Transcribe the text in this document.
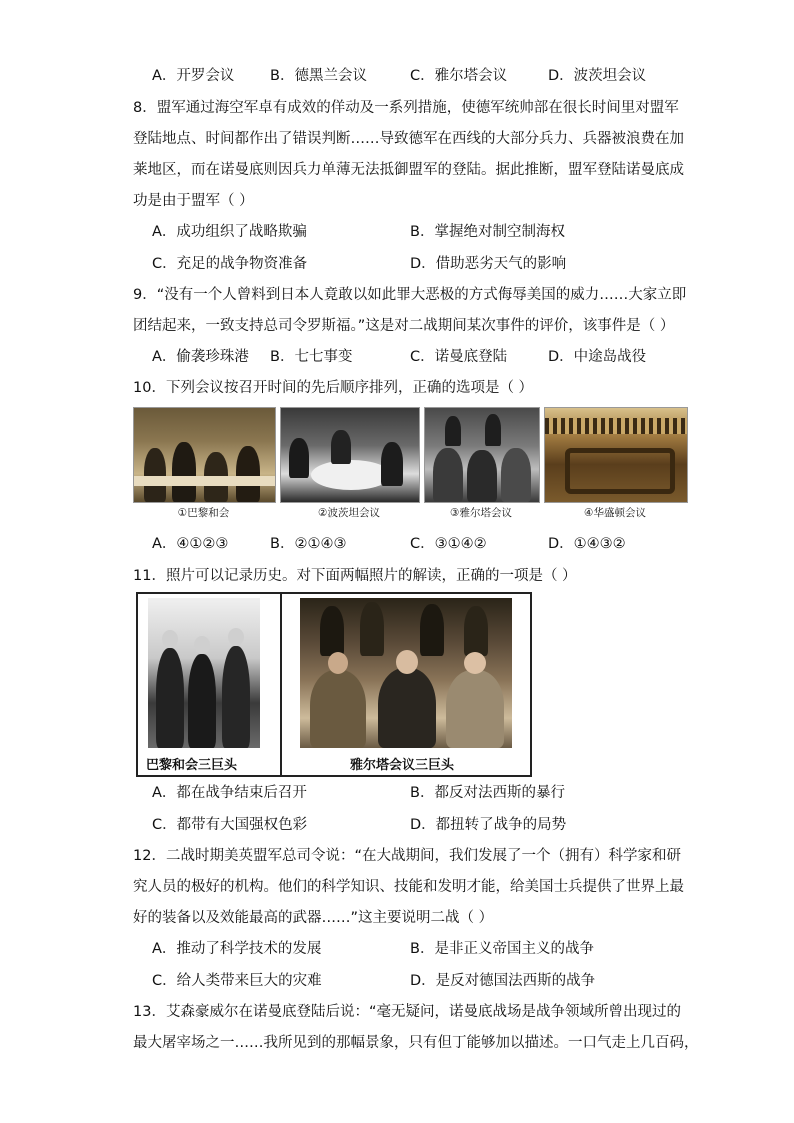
A．开罗会议 B．德黑兰会议	C．雅尔塔会议	D．波茨坦会议
8．盟军通过海空军卓有成效的佯动及一系列措施，使德军统帅部在很长时间里对盟军
登陆地点、时间都作出了错误判断……导致德军在西线的大部分兵力、兵器被浪费在加
莱地区，而在诺曼底则因兵力单薄无法抵御盟军的登陆。据此推断，盟军登陆诺曼底成
功是由于盟军（ ）
A．成功组织了战略欺骗	B．掌握绝对制空制海权
C．充足的战争物资准备	D．借助恶劣天气的影响
9．“没有一个人曾料到日本人竟敢以如此罪大恶极的方式侮辱美国的威力……大家立即
团结起来，一致支持总司令罗斯福。”这是对二战期间某次事件的评价，该事件是（ ）
A．偷袭珍珠港 B．七七事变	C．诺曼底登陆	D．中途岛战役
10．下列会议按召开时间的先后顺序排列，正确的选项是（ ）
①巴黎和会	②波茨坦会议	③雅尔塔会议	④华盛顿会议
A．④①②③	B．②①④③	C．③①④②	D．①④③②
11．照片可以记录历史。对下面两幅照片的解读，正确的一项是（ ）
巴黎和会三巨头	雅尔塔会议三巨头
A．都在战争结束后召开	B．都反对法西斯的暴行
C．都带有大国强权色彩	D．都扭转了战争的局势
12．二战时期美英盟军总司令说：“在大战期间，我们发展了一个（拥有）科学家和研
究人员的极好的机构。他们的科学知识、技能和发明才能，给美国士兵提供了世界上最
好的装备以及效能最高的武器……”这主要说明二战（ ）
A．推动了科学技术的发展	B．是非正义帝国主义的战争
C．给人类带来巨大的灾难	D．是反对德国法西斯的战争
13．艾森豪威尔在诺曼底登陆后说：“毫无疑问，诺曼底战场是战争领域所曾出现过的
最大屠宰场之一……我所见到的那幅景象，只有但丁能够加以描述。一口气走上几百码，
